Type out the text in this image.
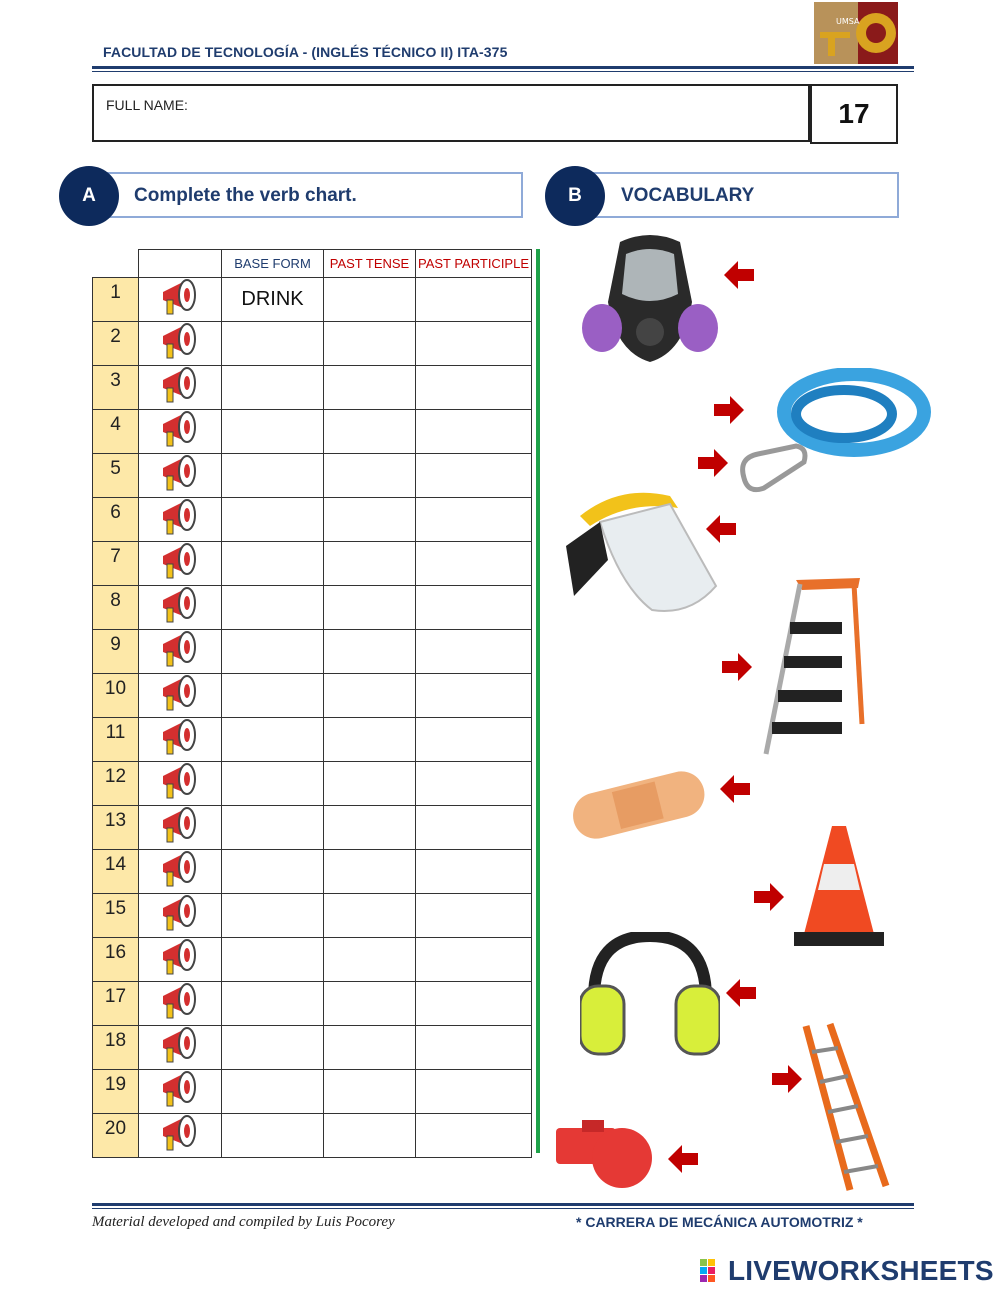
FACULTAD DE TECNOLOGÍA - (INGLÉS TÉCNICO II) ITA-375
UMSA
FULL NAME:	17
A	Complete the verb chart.	B	VOCABULARY
		BASE FORM	PAST TENSE	PAST PARTICIPLE
1		DRINK		
2				
3				
4				
5				
6				
7				
8				
9				
10				
11				
12				
13				
14				
15				
16				
17				
18				
19				
20				
Material developed and compiled by Luis Pocorey	* CARRERA DE MECÁNICA AUTOMOTRIZ *
LIVEWORKSHEETS
